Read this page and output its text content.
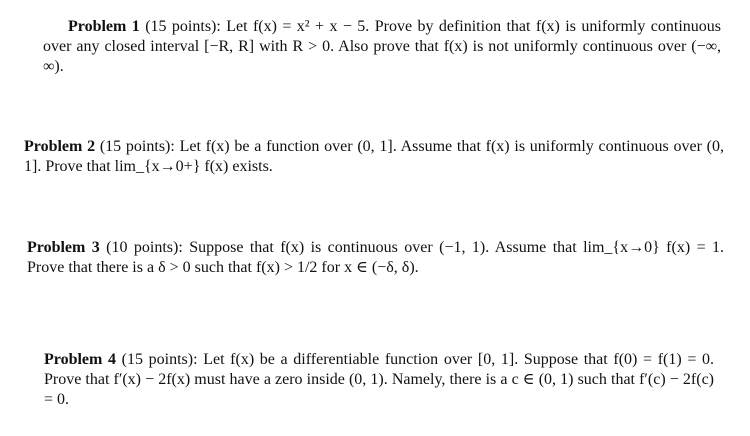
Problem 1 (15 points): Let f(x) = x² + x − 5. Prove by definition that f(x) is uniformly continuous over any closed interval [−R, R] with R > 0. Also prove that f(x) is not uniformly continuous over (−∞, ∞).

Problem 2 (15 points): Let f(x) be a function over (0, 1]. Assume that f(x) is uniformly continuous over (0, 1]. Prove that lim_{x→0+} f(x) exists.

Problem 3 (10 points): Suppose that f(x) is continuous over (−1, 1). Assume that lim_{x→0} f(x) = 1. Prove that there is a δ > 0 such that f(x) > 1/2 for x ∈ (−δ, δ).

Problem 4 (15 points): Let f(x) be a differentiable function over [0, 1]. Suppose that f(0) = f(1) = 0. Prove that f′(x) − 2f(x) must have a zero inside (0, 1). Namely, there is a c ∈ (0, 1) such that f′(c) − 2f(c) = 0.
